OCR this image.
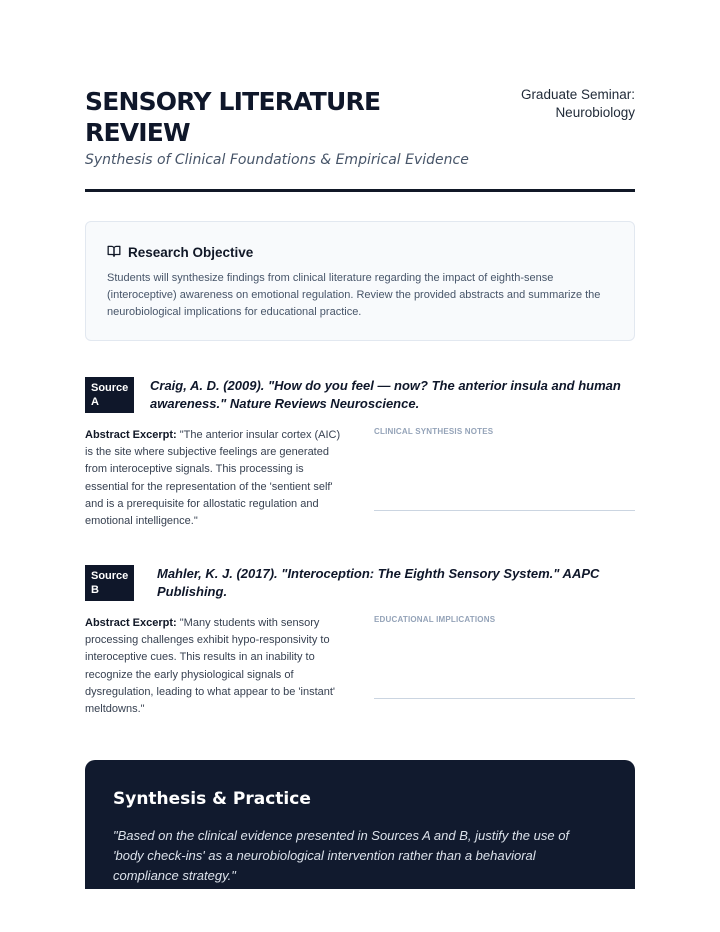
SENSORY LITERATURE REVIEW
Synthesis of Clinical Foundations & Empirical Evidence
Graduate Seminar:
Neurobiology
Research Objective

Students will synthesize findings from clinical literature regarding the impact of eighth-sense (interoceptive) awareness on emotional regulation. Review the provided abstracts and summarize the neurobiological implications for educational practice.

Source
A
Craig, A. D. (2009). "How do you feel — now? The anterior insula and human awareness." Nature Reviews Neuroscience.

Abstract Excerpt: "The anterior insular cortex (AIC) is the site where subjective feelings are generated from interoceptive signals. This processing is essential for the representation of the 'sentient self' and is a prerequisite for allostatic regulation and emotional intelligence."

CLINICAL SYNTHESIS NOTES
Source
B
Mahler, K. J. (2017). "Interoception: The Eighth Sensory System." AAPC Publishing.

Abstract Excerpt: "Many students with sensory processing challenges exhibit hypo-responsivity to interoceptive cues. This results in an inability to recognize the early physiological signals of dysregulation, leading to what appear to be 'instant' meltdowns."

EDUCATIONAL IMPLICATIONS
Synthesis & Practice

"Based on the clinical evidence presented in Sources A and B, justify the use of 'body check-ins' as a neurobiological intervention rather than a behavioral compliance strategy."
